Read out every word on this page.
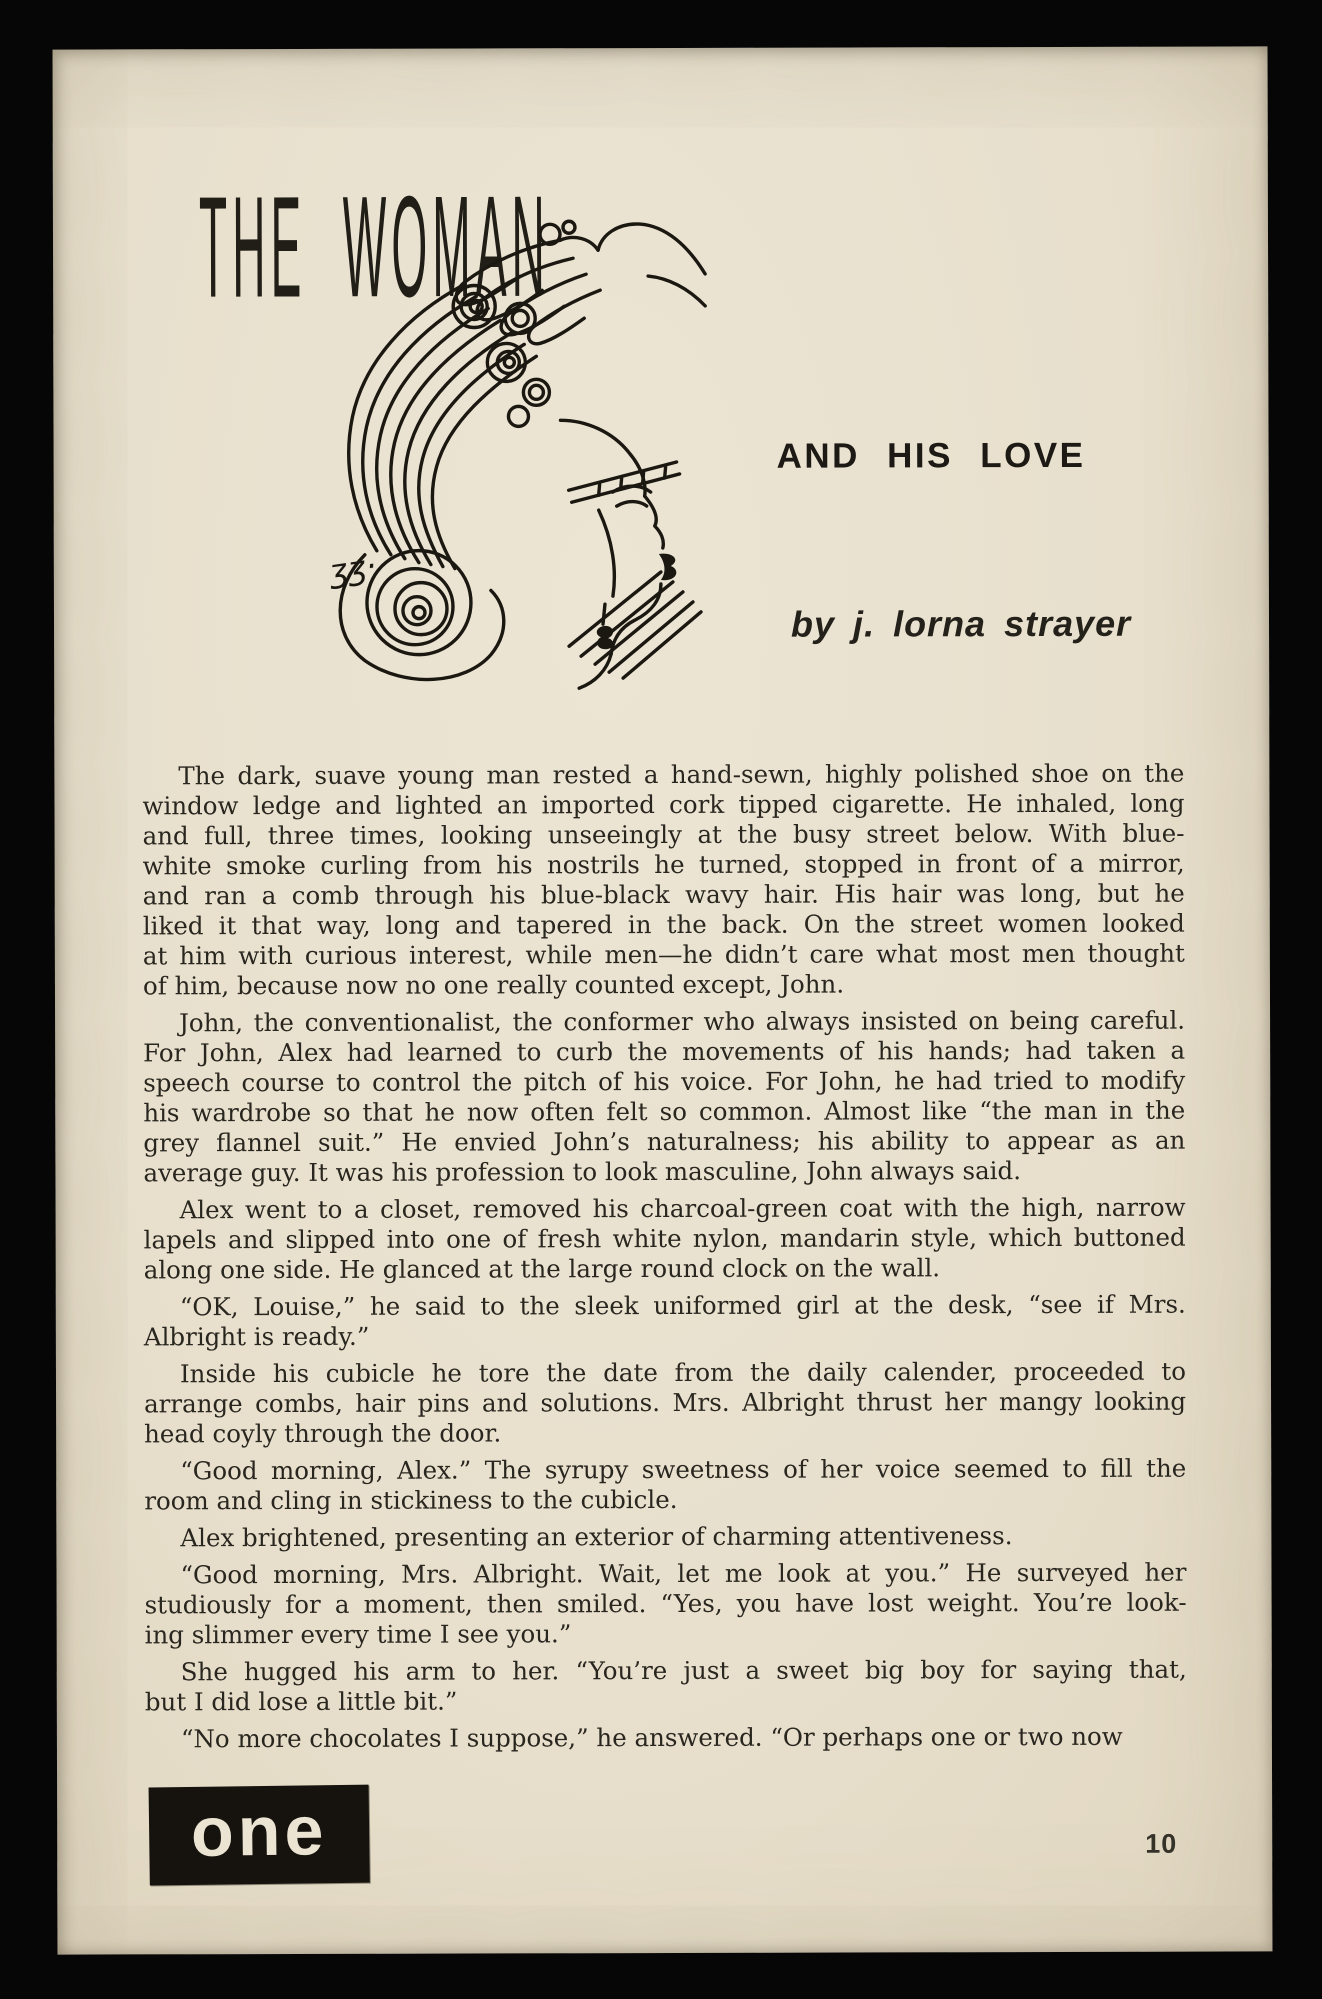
THE WOMAN
ʒʒ·
AND HIS LOVE
by j. lorna strayer
The dark, suave young man rested a hand-sewn, highly polished shoe on the
window ledge and lighted an imported cork tipped cigarette. He inhaled, long
and full, three times, looking unseeingly at the busy street below. With blue-
white smoke curling from his nostrils he turned, stopped in front of a mirror,
and ran a comb through his blue-black wavy hair. His hair was long, but he
liked it that way, long and tapered in the back. On the street women looked
at him with curious interest, while men—he didn’t care what most men thought
of him, because now no one really counted except, John.
John, the conventionalist, the conformer who always insisted on being careful.
For John, Alex had learned to curb the movements of his hands; had taken a
speech course to control the pitch of his voice. For John, he had tried to modify
his wardrobe so that he now often felt so common. Almost like “the man in the
grey flannel suit.” He envied John’s naturalness; his ability to appear as an
average guy. It was his profession to look masculine, John always said.
Alex went to a closet, removed his charcoal-green coat with the high, narrow
lapels and slipped into one of fresh white nylon, mandarin style, which buttoned
along one side. He glanced at the large round clock on the wall.
“OK, Louise,” he said to the sleek uniformed girl at the desk, “see if Mrs.
Albright is ready.”
Inside his cubicle he tore the date from the daily calender, proceeded to
arrange combs, hair pins and solutions. Mrs. Albright thrust her mangy looking
head coyly through the door.
“Good morning, Alex.” The syrupy sweetness of her voice seemed to fill the
room and cling in stickiness to the cubicle.
Alex brightened, presenting an exterior of charming attentiveness.
“Good morning, Mrs. Albright. Wait, let me look at you.” He surveyed her
studiously for a moment, then smiled. “Yes, you have lost weight. You’re look-
ing slimmer every time I see you.”
She hugged his arm to her. “You’re just a sweet big boy for saying that,
but I did lose a little bit.”
“No more chocolates I suppose,” he answered. “Or perhaps one or two now
one	10
